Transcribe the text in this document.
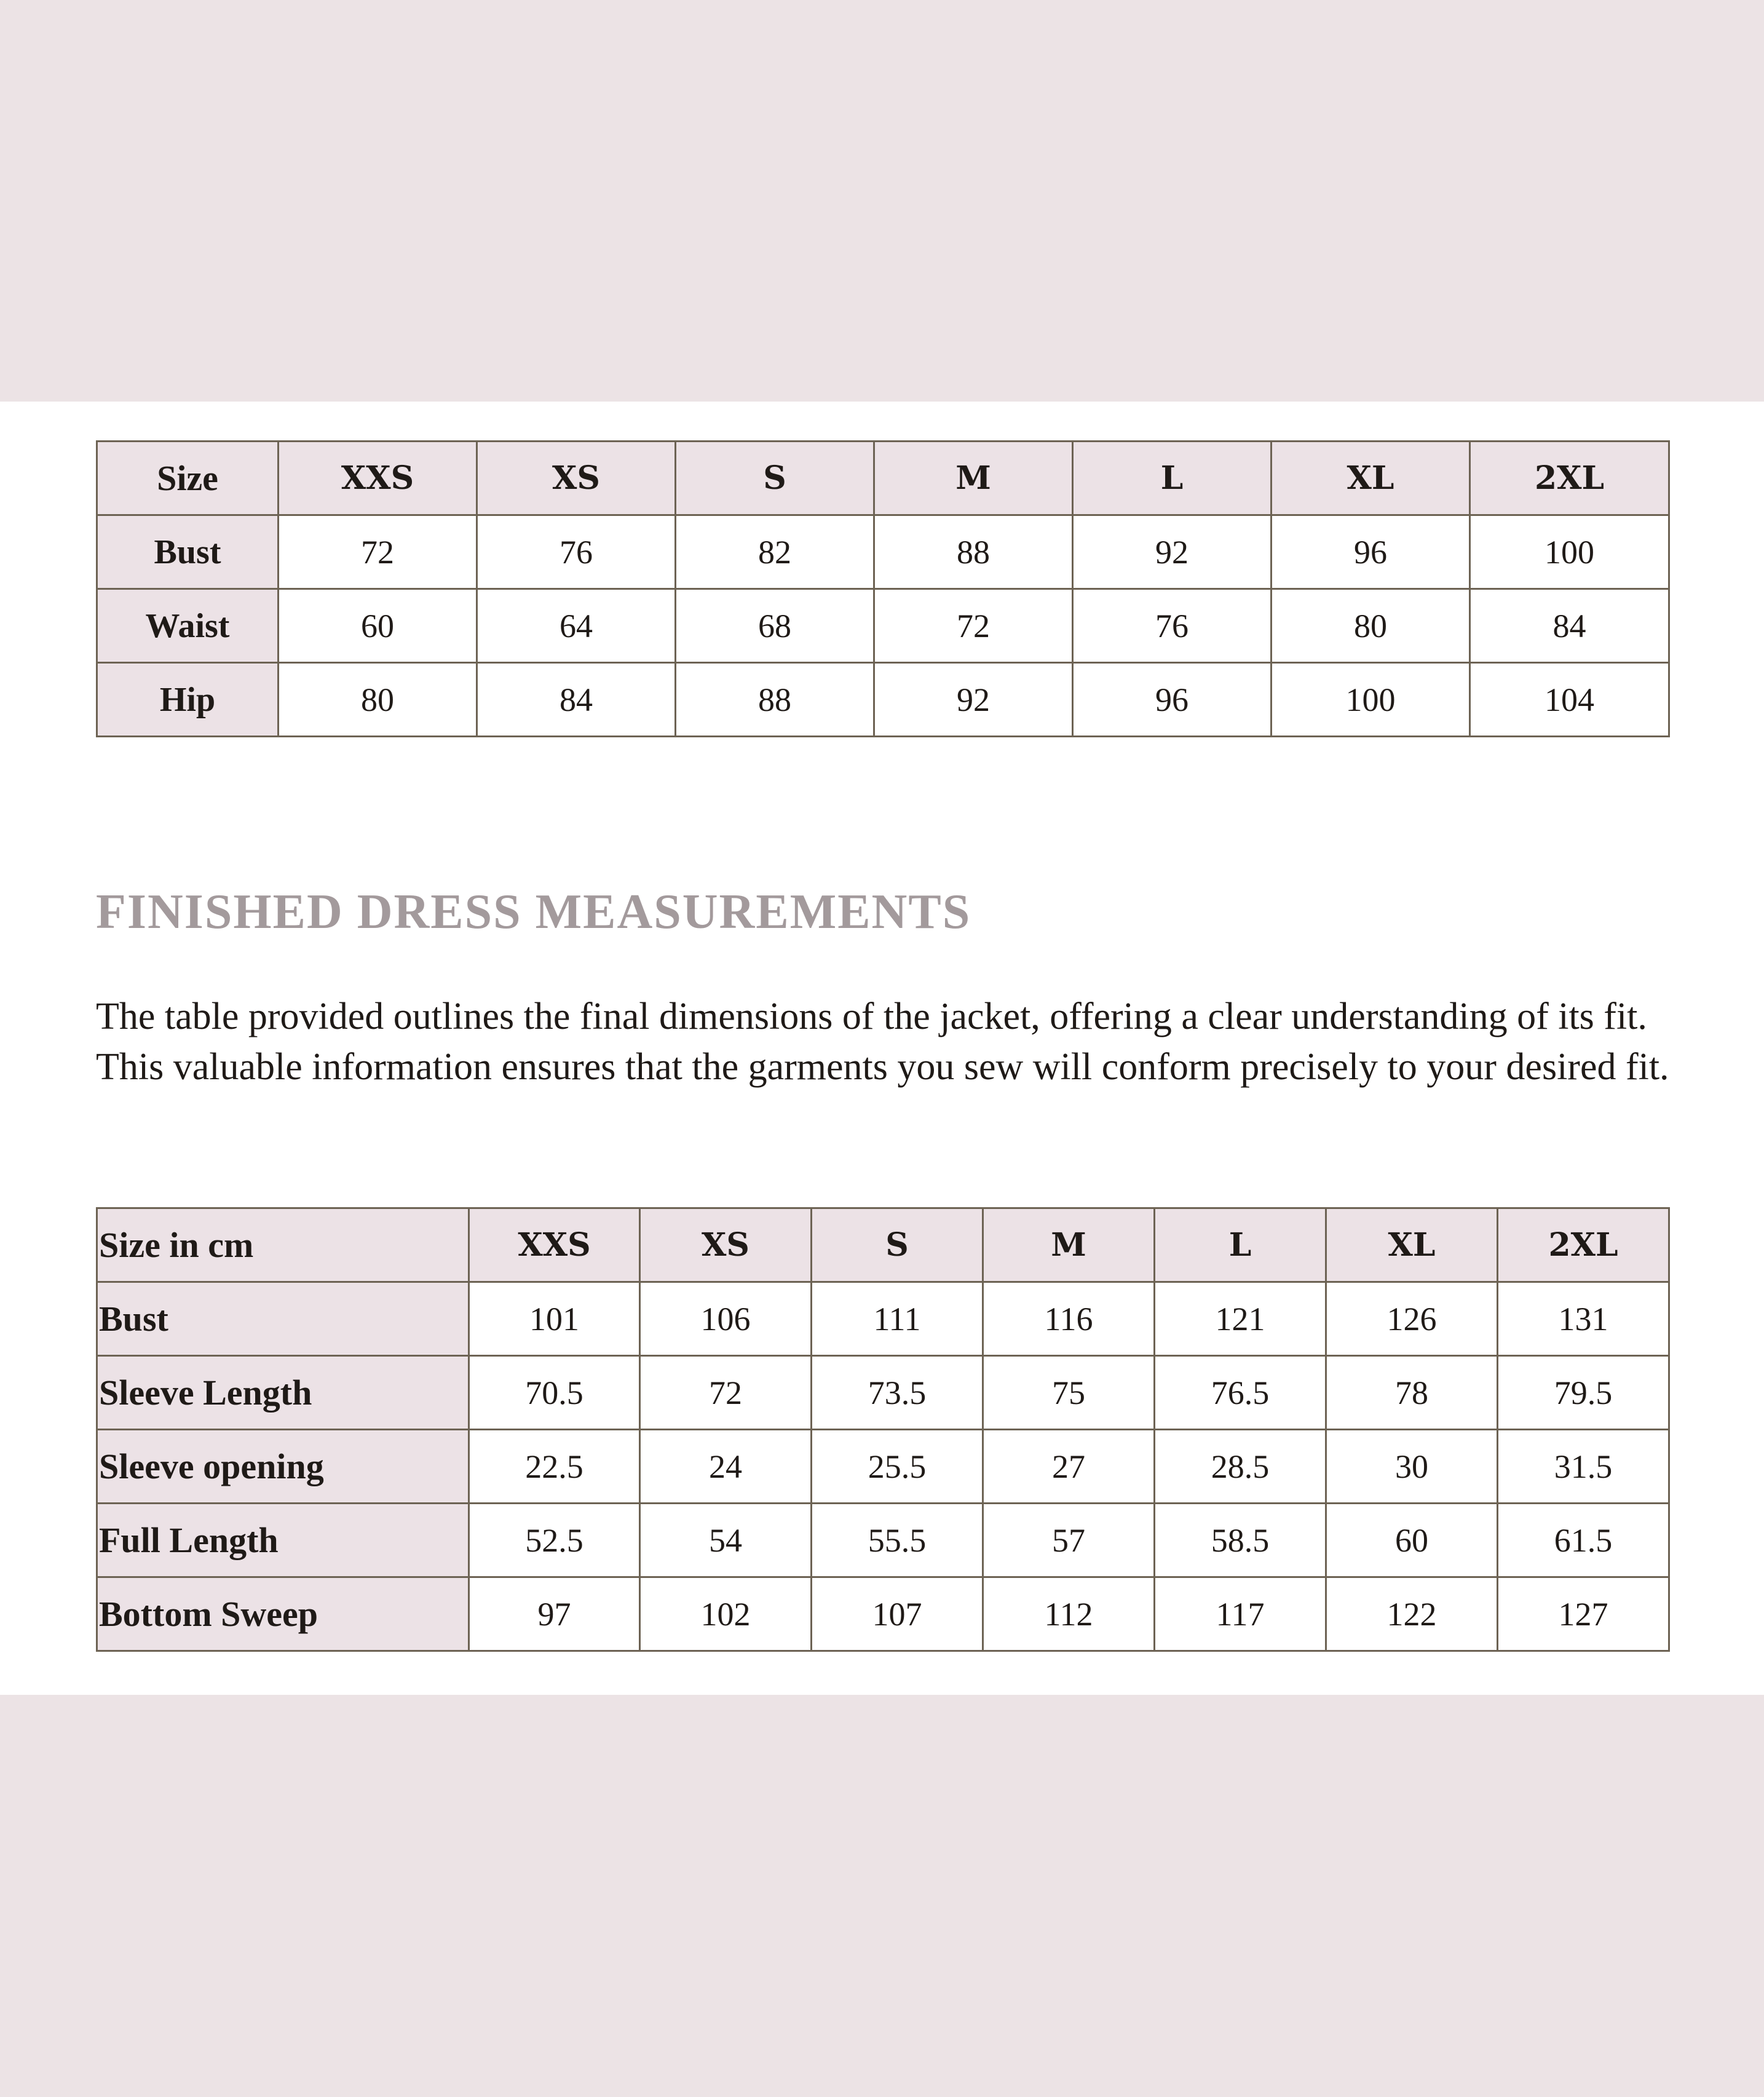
Size	XXS	XS	S	M	L	XL	2XL
Bust	72	76	82	88	92	96	100
Waist	60	64	68	72	76	80	84
Hip	80	84	88	92	96	100	104
FINISHED DRESS MEASUREMENTS

The table provided outlines the final dimensions of the jacket, offering a clear understanding of its fit. This valuable information ensures that the garments you sew will conform precisely to your desired fit.

Size in cm	XXS	XS	S	M	L	XL	2XL
Bust	101	106	111	116	121	126	131
Sleeve Length	70.5	72	73.5	75	76.5	78	79.5
Sleeve opening	22.5	24	25.5	27	28.5	30	31.5
Full Length	52.5	54	55.5	57	58.5	60	61.5
Bottom Sweep	97	102	107	112	117	122	127
